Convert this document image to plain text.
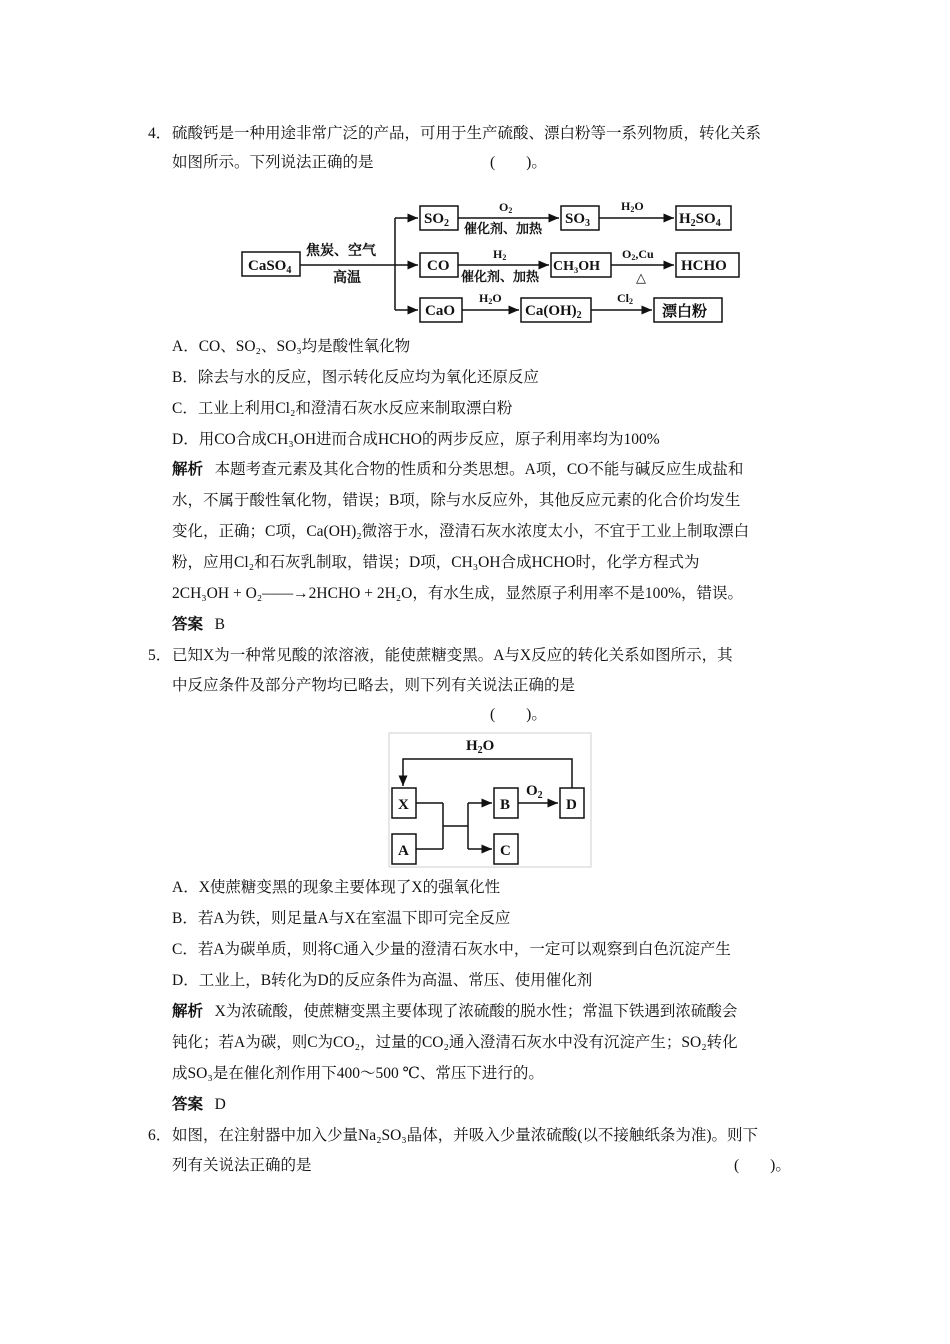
4． 硫酸钙是一种用途非常广泛的产品，可用于生产硫酸、漂白粉等一系列物质，转化关系
如图所示。下列说法正确的是	(　　)。
CaSO$_4$
焦炭、空气
高温
$SO_2$
O2
催化剂、加热
$SO_3$
H2O
$H_2SO_4$
CO
H2
催化剂、加热
CH₃OH
O2,Cu
△
HCHO
CaO
H2O
$Ca(OH)_2$
Cl2
漂白粉
A．CO、SO₂、SO₃均是酸性氧化物
B．除去与水的反应，图示转化反应均为氧化还原反应
C．工业上利用Cl₂和澄清石灰水反应来制取漂白粉
D．用CO合成CH₃OH进而合成HCHO的两步反应，原子利用率均为100%
解析 本题考查元素及其化合物的性质和分类思想。A项，CO不能与碱反应生成盐和
水，不属于酸性氧化物，错误；B项，除与水反应外，其他反应元素的化合价均发生
变化，正确；C项，Ca(OH)₂微溶于水，澄清石灰水浓度太小，不宜于工业上制取漂白
粉，应用Cl₂和石灰乳制取，错误；D项，CH₃OH合成HCHO时，化学方程式为
2CH₃OH + O₂——→2HCHO + 2H₂O，有水生成，显然原子利用率不是100%，错误。
答案 B
5． 已知X为一种常见酸的浓溶液，能使蔗糖变黑。A与X反应的转化关系如图所示，其
中反应条件及部分产物均已略去，则下列有关说法正确的是
(　　)。
$H_2O$
$O_2$
X
A
B
C
D
A．X使蔗糖变黑的现象主要体现了X的强氧化性
B．若A为铁，则足量A与X在室温下即可完全反应
C．若A为碳单质，则将C通入少量的澄清石灰水中，一定可以观察到白色沉淀产生
D．工业上，B转化为D的反应条件为高温、常压、使用催化剂
解析 X为浓硫酸，使蔗糖变黑主要体现了浓硫酸的脱水性；常温下铁遇到浓硫酸会
钝化；若A为碳，则C为CO₂，过量的CO₂通入澄清石灰水中没有沉淀产生；SO₂转化
成SO₃是在催化剂作用下400～500 ℃、常压下进行的。
答案 D
6． 如图，在注射器中加入少量Na₂SO₃晶体，并吸入少量浓硫酸(以不接触纸条为准)。则下
列有关说法正确的是	(　　)。
